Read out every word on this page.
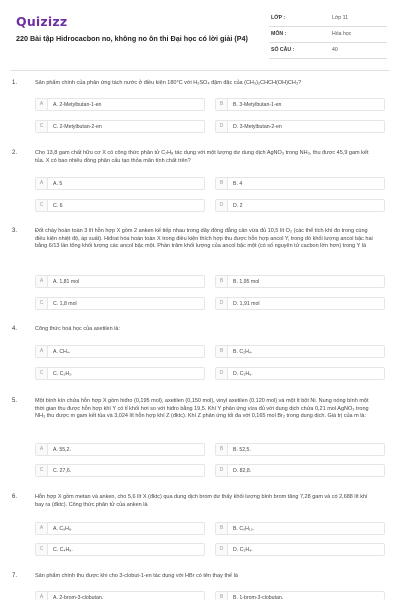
Quizizz
220 Bài tập Hidrocacbon no, không no ôn thi Đại học có lời giải (P4)
LỚP :	Lớp 11
MÔN :	Hóa học
SỐ CÂU :	40
1.	Sản phẩm chính của phản ứng tách nước ở điều kiện 180°C với H₂SO₄ đậm đặc của (CH₃)₂CHCH(OH)CH₃?
A	A. 2-Metylbutan-1-en	B	B. 3-Metylbutan-1-en
C	C. 2-Metylbutan-2-en	D	D. 3-Metylbutan-2-en
2.	Cho 13,8 gam chất hữu cơ X có công thức phân tử C₇H₈ tác dụng với một lượng dư dung dịch AgNO₃ trong NH₃, thu được 45,9 gam kết tủa. X có bao nhiêu đồng phân cấu tạo thỏa mãn tính chất trên?
A	A. 5	B	B. 4
C	C. 6	D	D. 2
3.	Đốt cháy hoàn toàn 3 lít hỗn hợp X gồm 2 anken kế tiếp nhau trong dãy đồng đẳng cần vừa đủ 10,5 lít O₂ (các thể tích khí đo trong cùng điều kiện nhiệt độ, áp suất). Hiđrat hóa hoàn toàn X trong điều kiện thích hợp thu được hỗn hợp ancol Y, trong đó khối lượng ancol bậc hai bằng 6/13 lần tổng khối lượng các ancol bậc một. Phần trăm khối lượng của ancol bậc một (có số nguyên tử cacbon lớn hơn) trong Y là
A	A. 1,81 mol	B	B. 1,95 mol
C	C. 1,8 mol	D	D. 1,91 mol
4.	Công thức hoá học của axetilen là:
A	A. CH₄.	B	B. C₂H₄.
C	C. C₂H₂.	D	D. C₂H₆.
5.	Một bình kín chứa hỗn hợp X gồm hiđro (0,195 mol), axetilen (0,150 mol), vinyl axetilen (0,120 mol) và một ít bột Ni. Nung nóng bình một thời gian thu được hỗn hợp khí Y có tỉ khối hơi so với hiđro bằng 19,5. Khí Y phản ứng vừa đủ với dung dịch chứa 0,21 mol AgNO₃ trong NH₃ thu được m gam kết tủa và 3,024 lít hỗn hợp khí Z (đktc). Khí Z phản ứng tối đa với 0,165 mol Br₂ trong dung dịch. Giá trị của m là:
A	A. 55,2.	B	B. 52,5.
C	C. 27,6.	D	D. 82,8.
6.	Hỗn hợp X gồm metan và anken, cho 5,6 lít X (đktc) qua dung dịch brom dư thấy khối lượng bình brom tăng 7,28 gam và có 2,688 lít khí bay ra (đktc). Công thức phân tử của anken là
A	A. C₅H₈.	B	B. C₅H₁₀.
C	C. C₄H₈.	D	D. C₂H₄.
7.	Sản phẩm chính thu được khi cho 3-clobut-1-en tác dụng với HBr có tên thay thế là
A	A. 2-brom-3-clobutan.	B	B. 1-brom-3-clobutan.
